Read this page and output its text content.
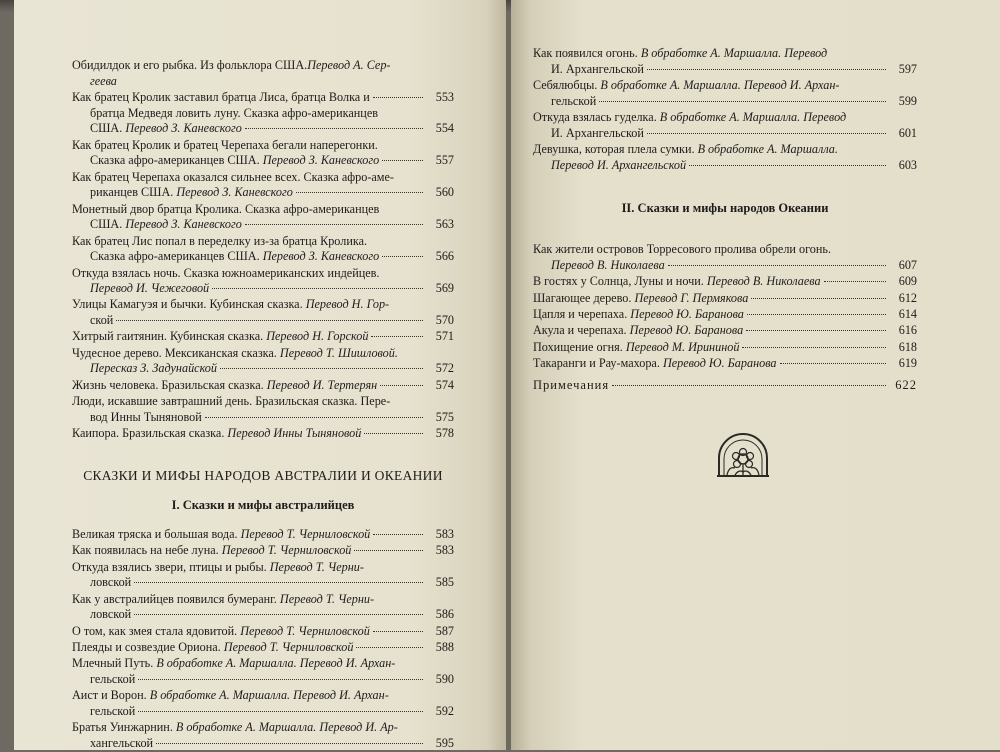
Обидилдок и его рыбка. Из фольклора США. Перевод А. Сер-
геева
Как братец Кролик заставил братца Лиса, братца Волка и	553
братца Медведя ловить луну. Сказка афро-американцев
США. Перевод З. Каневского	554
Как братец Кролик и братец Черепаха бегали наперегонки.
Сказка афро-американцев США. Перевод З. Каневского	557
Как братец Черепаха оказался сильнее всех. Сказка афро-аме-
риканцев США. Перевод З. Каневского	560
Монетный двор братца Кролика. Сказка афро-американцев
США. Перевод З. Каневского	563
Как братец Лис попал в переделку из-за братца Кролика.
Сказка афро-американцев США. Перевод З. Каневского	566
Откуда взялась ночь. Сказка южноамериканских индейцев.
Перевод И. Чежеговой	569
Улицы Камагуэя и бычки. Кубинская сказка. Перевод Н. Гор-
ской	570
Хитрый гаитянин. Кубинская сказка. Перевод Н. Горской	571
Чудесное дерево. Мексиканская сказка. Перевод Т. Шишловой.
Пересказ З. Задунайской	572
Жизнь человека. Бразильская сказка. Перевод И. Тертерян	574
Люди, искавшие завтрашний день. Бразильская сказка. Пере-
вод Инны Тыняновой	575
Каипора. Бразильская сказка. Перевод Инны Тыняновой	578
СКАЗКИ И МИФЫ НАРОДОВ АВСТРАЛИИ И ОКЕАНИИ
I. Сказки и мифы австралийцев
Великая тряска и большая вода. Перевод Т. Черниловской	583
Как появилась на небе луна. Перевод Т. Черниловской	583
Откуда взялись звери, птицы и рыбы. Перевод Т. Черни-
ловской	585
Как у австралийцев появился бумеранг. Перевод Т. Черни-
ловской	586
О том, как змея стала ядовитой. Перевод Т. Черниловской	587
Плеяды и созвездие Ориона. Перевод Т. Черниловской	588
Млечный Путь. В обработке А. Маршалла. Перевод И. Архан-
гельской	590
Аист и Ворон. В обработке А. Маршалла. Перевод И. Архан-
гельской	592
Братья Уинжарнин. В обработке А. Маршалла. Перевод И. Ар-
хангельской	595
Как появился огонь. В обработке А. Маршалла. Перевод
И. Архангельской	597
Себялюбцы. В обработке А. Маршалла. Перевод И. Архан-
гельской	599
Откуда взялась гуделка. В обработке А. Маршалла. Перевод
И. Архангельской	601
Девушка, которая плела сумки. В обработке А. Маршалла.
Перевод И. Архангельской	603
II. Сказки и мифы народов Океании
Как жители островов Торресового пролива обрели огонь.
Перевод В. Николаева	607
В гостях у Солнца, Луны и ночи. Перевод В. Николаева	609
Шагающее дерево. Перевод Г. Пермякова	612
Цапля и черепаха. Перевод Ю. Баранова	614
Акула и черепаха. Перевод Ю. Баранова	616
Похищение огня. Перевод М. Ирининой	618
Такаранги и Рау-махора. Перевод Ю. Баранова	619
Примечания	622
